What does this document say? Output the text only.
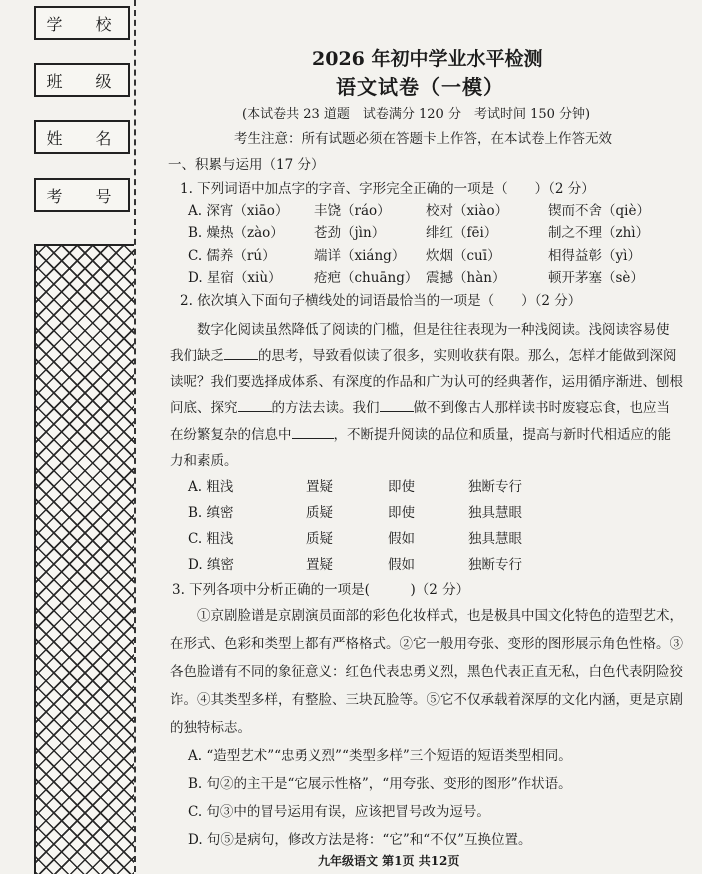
学 校
班 级
姓 名
考 号
2026 年初中学业水平检测
语文试卷（一模）
(本试卷共 23 道题　试卷满分 120 分　考试时间 150 分钟)
考生注意：所有试题必须在答题卡上作答，在本试卷上作答无效
一、积累与运用（17 分）
1. 下列词语中加点字的字音、字形完全正确的一项是（　　）（2 分）
A. 深宵（xiāo） 丰饶（ráo）	校对（xiào）	锲而不舍（qiè）
B. 燥热（zào） 苍劲（jìn）	绯红（fēi）	制之不理（zhì）
C. 儒养（rú）	端详（xiáng） 炊烟（cuī）	相得益彰（yì）
D. 星宿（xiù） 疮疤（chuāng） 震撼（hàn）	顿开茅塞（sè）
2. 依次填入下面句子横线处的词语最恰当的一项是（　　）（2 分）
　　数字化阅读虽然降低了阅读的门槛，但是往往表现为一种浅阅读。浅阅读容易使
我们缺乏	的思考，导致看似读了很多，实则收获有限。那么，怎样才能做到深阅
读呢？我们要选择成体系、有深度的作品和广为认可的经典著作，运用循序渐进、刨根
问底、探究	的方法去读。我们	做不到像古人那样读书时废寝忘食，也应当
在纷繁复杂的信息中	，不断提升阅读的品位和质量，提高与新时代相适应的能
力和素质。
A. 粗浅	置疑	即使	独断专行
B. 缜密	质疑	即使	独具慧眼
C. 粗浅	质疑	假如	独具慧眼
D. 缜密	置疑	假如	独断专行
3. 下列各项中分析正确的一项是(　　　)（2 分）
　　①京剧脸谱是京剧演员面部的彩色化妆样式，也是极具中国文化特色的造型艺术，
在形式、色彩和类型上都有严格格式。②它一般用夸张、变形的图形展示角色性格。③
各色脸谱有不同的象征意义：红色代表忠勇义烈，黑色代表正直无私，白色代表阴险狡
诈。④其类型多样，有整脸、三块瓦脸等。⑤它不仅承载着深厚的文化内涵，更是京剧
的独特标志。
A. “造型艺术”“忠勇义烈”“类型多样”三个短语的短语类型相同。
B. 句②的主干是“它展示性格”，“用夸张、变形的图形”作状语。
C. 句③中的冒号运用有误，应该把冒号改为逗号。
D. 句⑤是病句，修改方法是将：“它”和“不仅”互换位置。
九年级语文 第1页 共12页
